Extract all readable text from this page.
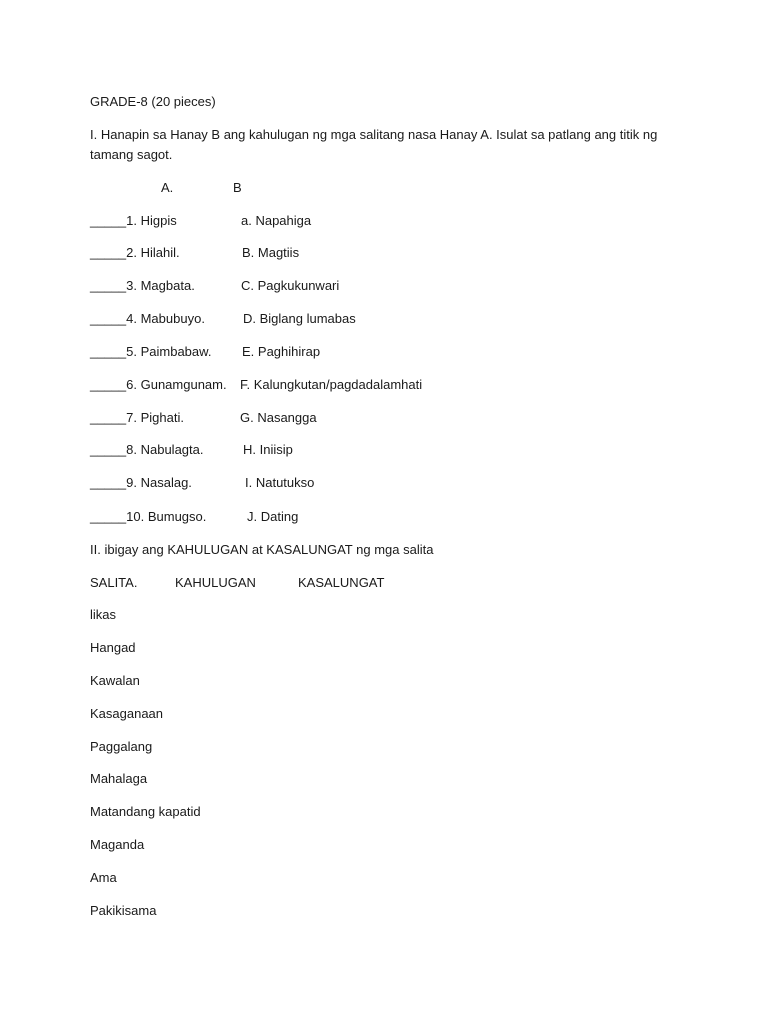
GRADE-8 (20 pieces)
I. Hanapin sa Hanay B ang kahulugan ng mga salitang nasa Hanay A. Isulat sa patlang ang titik ng tamang sagot.
A.	B
_____1. Higpis	a. Napahiga
_____2. Hilahil.	B. Magtiis
_____3. Magbata.	C. Pagkukunwari
_____4. Mabubuyo.	D. Biglang lumabas
_____5. Paimbabaw. E. Paghihirap
_____6. Gunamgunam. F. Kalungkutan/pagdadalamhati
_____7. Pighati.	G. Nasangga
_____8. Nabulagta.	H. Iniisip
_____9. Nasalag.	I. Natutukso
_____10. Bumugso.	J. Dating
II. ibigay ang KAHULUGAN at KASALUNGAT ng mga salita
SALITA.	KAHULUGAN	KASALUNGAT
likas
Hangad
Kawalan
Kasaganaan
Paggalang
Mahalaga
Matandang kapatid
Maganda
Ama
Pakikisama
